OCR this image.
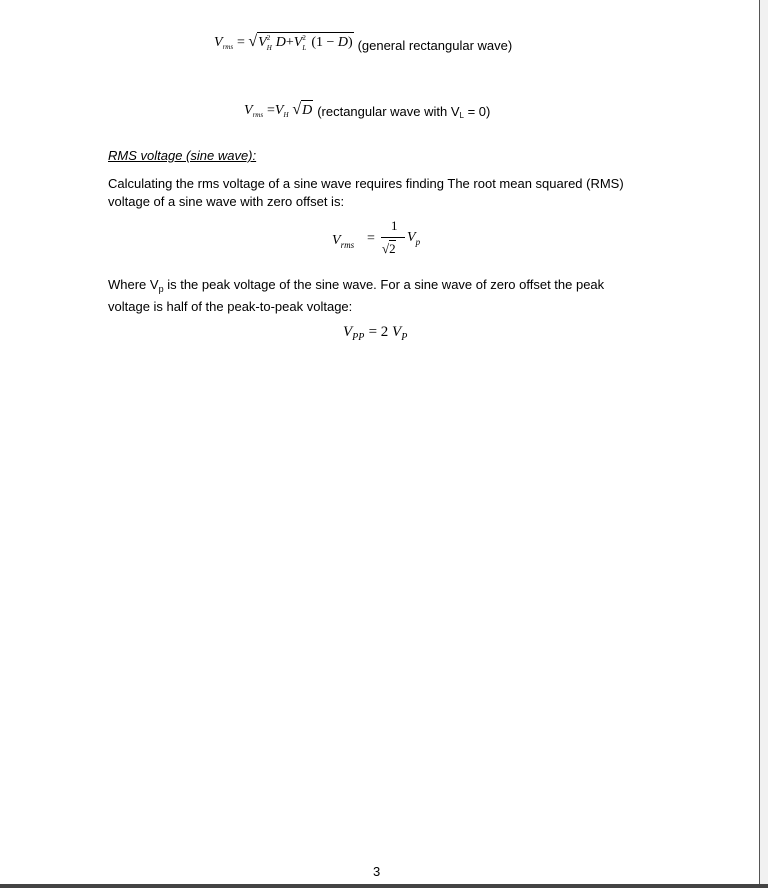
$V_{rms} = √V$ 2
H D+V 2
L (1 − D) (general rectangular wave)
$V_{rms} =V_H$ √D (rectangular wave with VL = 0)
RMS voltage (sine wave):
Calculating the rms voltage of a sine wave requires finding The root mean squared (RMS)
voltage of a sine wave with zero offset is:
$V_{rms}$ =
1
√2
$V_p$
Where $V_p$ is the peak voltage of the sine wave. For a sine wave of zero offset the peak
voltage is half of the peak-to-peak voltage:
$V_{PP} = 2$ $V_P$
3
